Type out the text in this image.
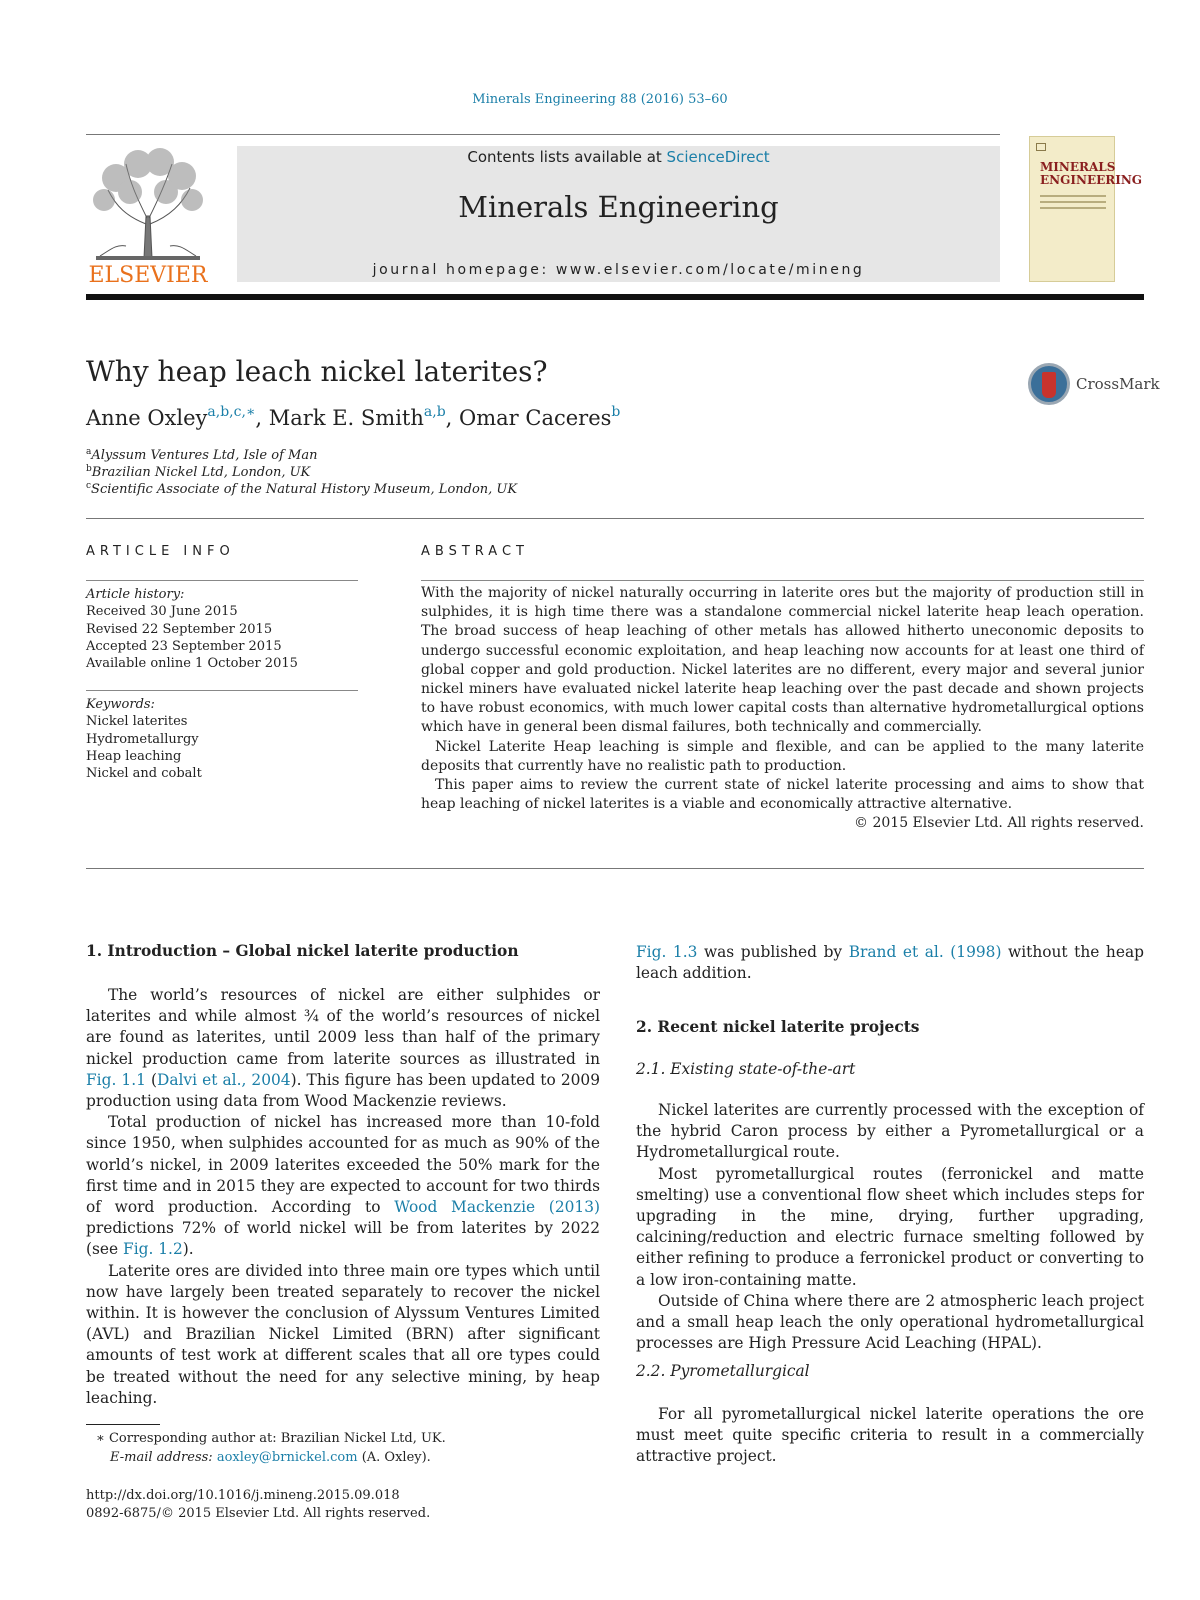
Minerals Engineering 88 (2016) 53–60
ELSEVIER
Contents lists available at ScienceDirect
Minerals Engineering
journal homepage: www.elsevier.com/locate/mineng
MINERALS
ENGINEERING
Why heap leach nickel laterites?	CrossMark
Anne Oxley$^{a,b,c,∗}$, Mark E. Smith$^{a,b}$, Omar Caceres$^b$
$^a$Alyssum Ventures Ltd, Isle of Man
$^b$Brazilian Nickel Ltd, London, UK
$^c$Scientific Associate of the Natural History Museum, London, UK
ARTICLE INFO
Article history:
Received 30 June 2015
Revised 22 September 2015
Accepted 23 September 2015
Available online 1 October 2015
Keywords:
Nickel laterites
Hydrometallurgy
Heap leaching
Nickel and cobalt
ABSTRACT

With the majority of nickel naturally occurring in laterite ores but the majority of production still in sulphides, it is high time there was a standalone commercial nickel laterite heap leach operation. The broad success of heap leaching of other metals has allowed hitherto uneconomic deposits to undergo successful economic exploitation, and heap leaching now accounts for at least one third of global copper and gold production. Nickel laterites are no different, every major and several junior nickel miners have evaluated nickel laterite heap leaching over the past decade and shown projects to have robust economics, with much lower capital costs than alternative hydrometallurgical options which have in general been dismal failures, both technically and commercially.

Nickel Laterite Heap leaching is simple and flexible, and can be applied to the many laterite deposits that currently have no realistic path to production.

This paper aims to review the current state of nickel laterite processing and aims to show that heap leaching of nickel laterites is a viable and economically attractive alternative.

© 2015 Elsevier Ltd. All rights reserved.

1. Introduction – Global nickel laterite production

The world’s resources of nickel are either sulphides or laterites and while almost ¾ of the world’s resources of nickel are found as laterites, until 2009 less than half of the primary nickel production came from laterite sources as illustrated in Fig. 1.1 (Dalvi et al., 2004). This figure has been updated to 2009 production using data from Wood Mackenzie reviews.

Total production of nickel has increased more than 10-fold since 1950, when sulphides accounted for as much as 90% of the world’s nickel, in 2009 laterites exceeded the 50% mark for the first time and in 2015 they are expected to account for two thirds of word production. According to Wood Mackenzie (2013) predictions 72% of world nickel will be from laterites by 2022 (see Fig. 1.2).

Laterite ores are divided into three main ore types which until now have largely been treated separately to recover the nickel within. It is however the conclusion of Alyssum Ventures Limited (AVL) and Brazilian Nickel Limited (BRN) after significant amounts of test work at different scales that all ore types could be treated without the need for any selective mining, by heap leaching.

Fig. 1.3 was published by Brand et al. (1998) without the heap leach addition.

2. Recent nickel laterite projects
2.1. Existing state-of-the-art

Nickel laterites are currently processed with the exception of the hybrid Caron process by either a Pyrometallurgical or a Hydrometallurgical route.

Most pyrometallurgical routes (ferronickel and matte smelting) use a conventional flow sheet which includes steps for upgrading in the mine, drying, further upgrading, calcining/reduction and electric furnace smelting followed by either refining to produce a ferronickel product or converting to a low iron-containing matte.

Outside of China where there are 2 atmospheric leach project and a small heap leach the only operational hydrometallurgical processes are High Pressure Acid Leaching (HPAL).

2.2. Pyrometallurgical

For all pyrometallurgical nickel laterite operations the ore must meet quite specific criteria to result in a commercially attractive project.

∗ Corresponding author at: Brazilian Nickel Ltd, UK.
E-mail address: aoxley@brnickel.com (A. Oxley).
http://dx.doi.org/10.1016/j.mineng.2015.09.018
0892-6875/© 2015 Elsevier Ltd. All rights reserved.
